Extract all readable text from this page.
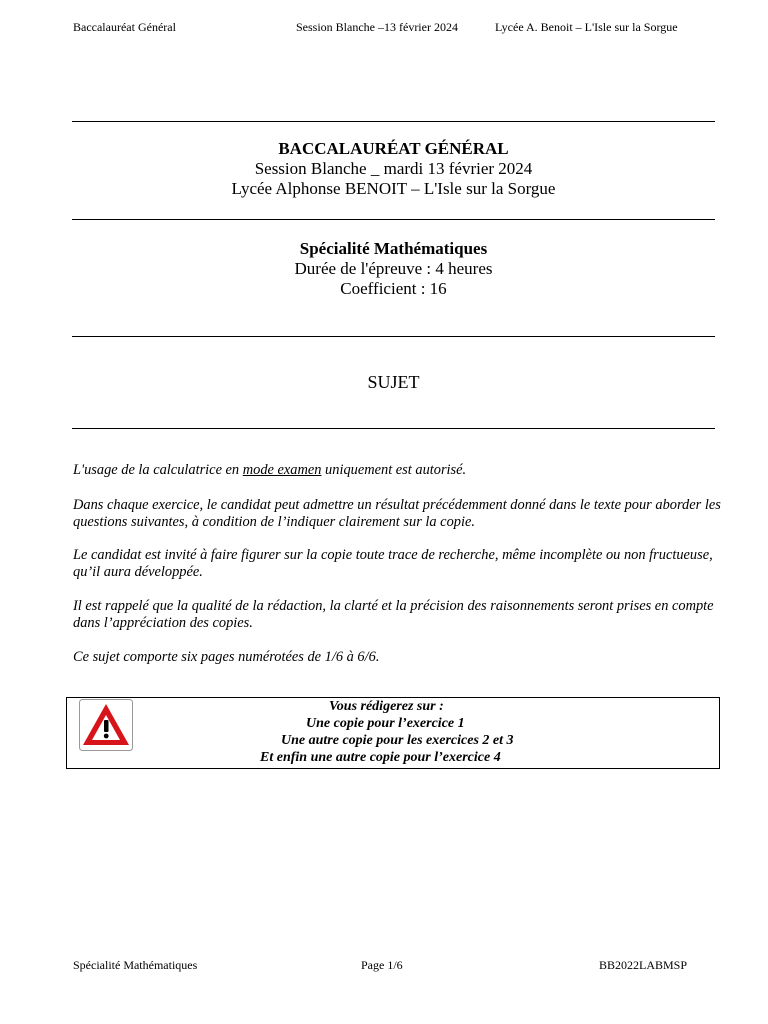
Baccalauréat Général	Session Blanche –13 février 2024	Lycée A. Benoit – L'Isle sur la Sorgue
BACCALAURÉAT GÉNÉRAL
Session Blanche _ mardi 13 février 2024
Lycée Alphonse BENOIT – L'Isle sur la Sorgue
Spécialité Mathématiques
Durée de l'épreuve : 4 heures
Coefficient : 16
SUJET

L'usage de la calculatrice en mode examen uniquement est autorisé.

Dans chaque exercice, le candidat peut admettre un résultat précédemment donné dans le texte pour aborder les questions suivantes, à condition de l’indiquer clairement sur la copie.

Le candidat est invité à faire figurer sur la copie toute trace de recherche, même incomplète ou non fructueuse, qu’il aura développée.

Il est rappelé que la qualité de la rédaction, la clarté et la précision des raisonnements seront prises en compte dans l’appréciation des copies.

Ce sujet comporte six pages numérotées de 1/6 à 6/6.

Vous rédigerez sur :
Une copie pour l’exercice 1
Une autre copie pour les exercices 2 et 3
Et enfin une autre copie pour l’exercice 4
Spécialité Mathématiques	Page 1/6	BB2022LABMSP
